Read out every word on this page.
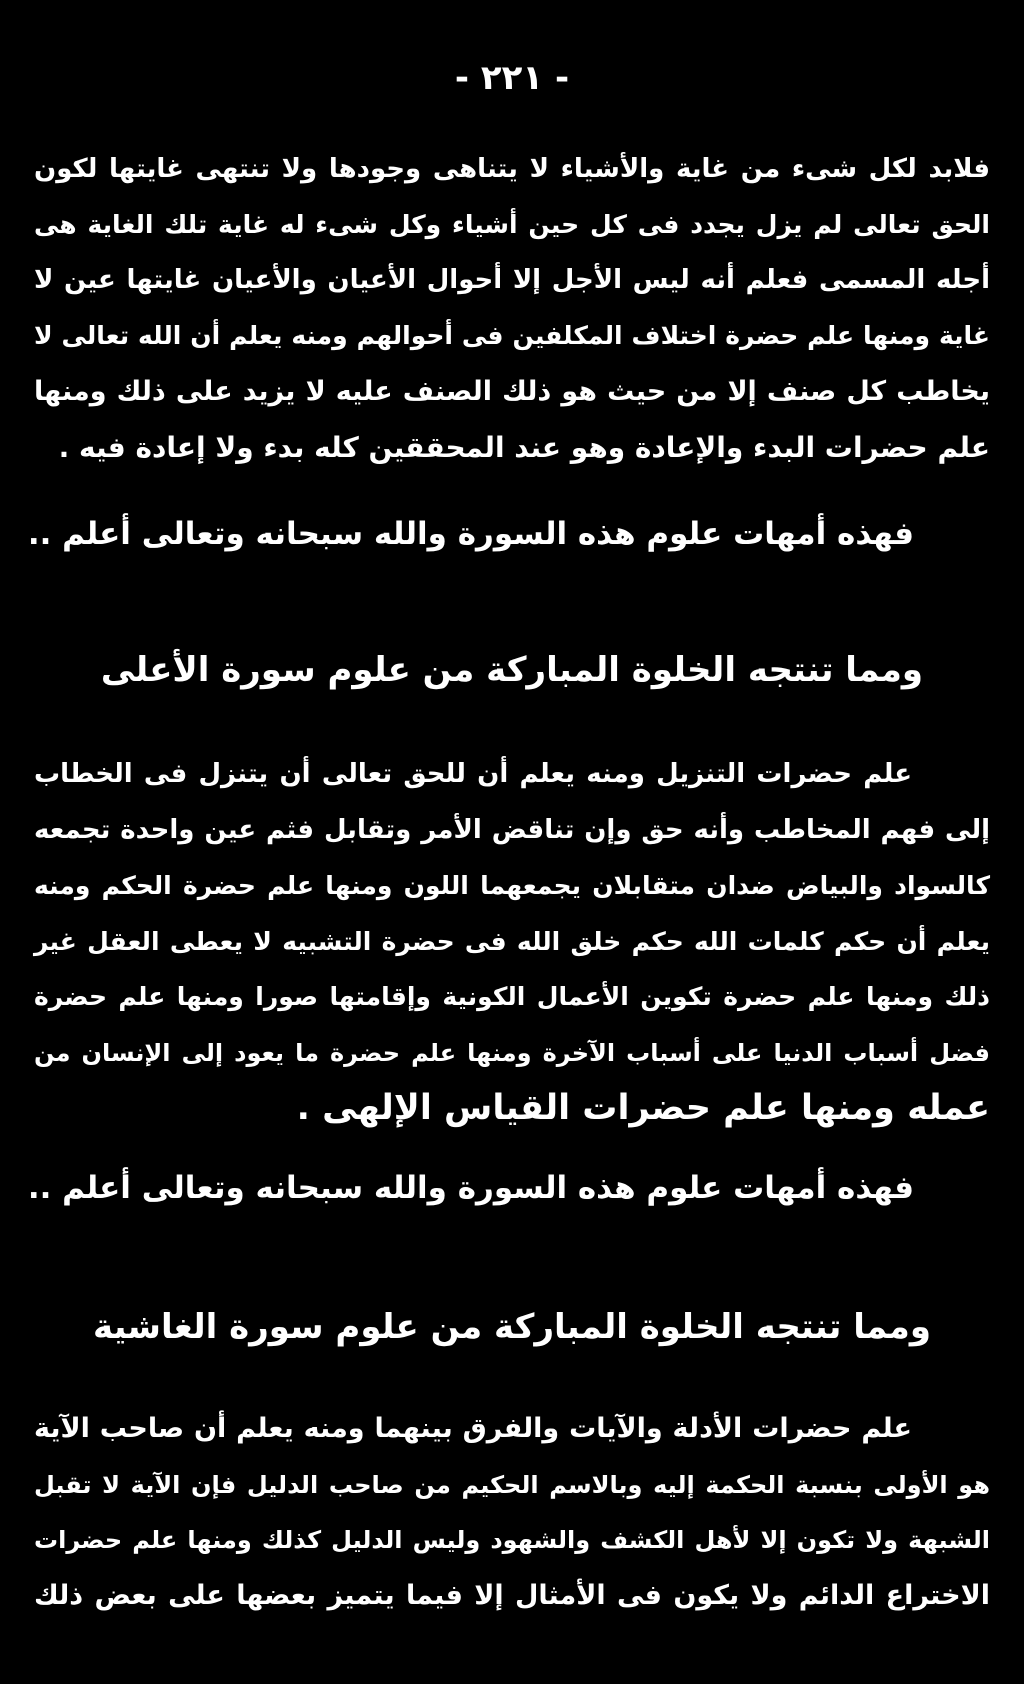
- ٢٢١ -
فلابد لكل شىء من غاية والأشياء لا يتناهى وجودها ولا تنتهى غايتها لكون
الحق تعالى لم يزل يجدد فى كل حين أشياء وكل شىء له غاية تلك الغاية هى
أجله المسمى فعلم أنه ليس الأجل إلا أحوال الأعيان والأعيان غايتها عين لا
غاية ومنها علم حضرة اختلاف المكلفين فى أحوالهم ومنه يعلم أن الله تعالى لا
يخاطب كل صنف إلا من حيث هو ذلك الصنف عليه لا يزيد على ذلك ومنها
علم حضرات البدء والإعادة وهو عند المحققين كله بدء ولا إعادة فيه .
فهذه أمهات علوم هذه السورة والله سبحانه وتعالى أعلم ..
ومما تنتجه الخلوة المباركة من علوم سورة الأعلى
علم حضرات التنزيل ومنه يعلم أن للحق تعالى أن يتنزل فى الخطاب
إلى فهم المخاطب وأنه حق وإن تناقض الأمر وتقابل فثم عين واحدة تجمعه
كالسواد والبياض ضدان متقابلان يجمعهما اللون ومنها علم حضرة الحكم ومنه
يعلم أن حكم كلمات الله حكم خلق الله فى حضرة التشبيه لا يعطى العقل غير
ذلك ومنها علم حضرة تكوين الأعمال الكونية وإقامتها صورا ومنها علم حضرة
فضل أسباب الدنيا على أسباب الآخرة ومنها علم حضرة ما يعود إلى الإنسان من
عمله ومنها علم حضرات القياس الإلهى .
فهذه أمهات علوم هذه السورة والله سبحانه وتعالى أعلم ..
ومما تنتجه الخلوة المباركة من علوم سورة الغاشية
علم حضرات الأدلة والآيات والفرق بينهما ومنه يعلم أن صاحب الآية
هو الأولى بنسبة الحكمة إليه وبالاسم الحكيم من صاحب الدليل فإن الآية لا تقبل
الشبهة ولا تكون إلا لأهل الكشف والشهود وليس الدليل كذلك ومنها علم حضرات
الاختراع الدائم ولا يكون فى الأمثال إلا فيما يتميز بعضها على بعض ذلك
